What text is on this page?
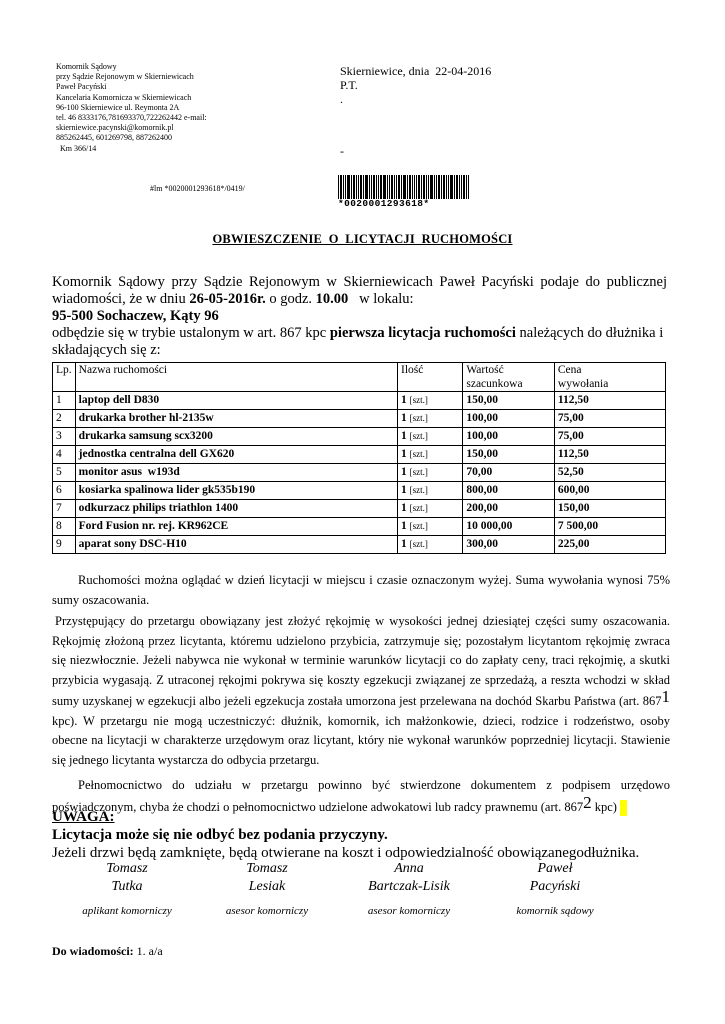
Komornik Sądowy
przy Sądzie Rejonowym w Skierniewicach
Paweł Pacyński
Kancelaria Komornicza w Skierniewicach
96-100 Skierniewice ul. Reymonta 2A
tel. 46 8333176,781693370,722262442 e-mail:
skierniewice.pacynski@komornik.pl
885262445, 601269798, 887262400
Km 366/14
Skierniewice, dnia  22-04-2016
P.T.
.
-
#lm *0020001293618*/0419/
*0020001293618*
OBWIESZCZENIE  O  LICYTACJI  RUCHOMOŚCI

Komornik Sądowy przy Sądzie Rejonowym w Skierniewicach Paweł Pacyński podaje do publicznej

wiadomości, że w dniu 26-05-2016r. o godz. 10.00   w lokalu:

95-500 Sochaczew, Kąty 96

odbędzie się w trybie ustalonym w art. 867 kpc pierwsza licytacja ruchomości należących do dłużnika i

składających się z:

Lp.	Nazwa ruchomości	Ilość	Wartość
szacunkowa	Cena
wywołania
1	laptop dell D830	1 [szt.]	150,00	112,50
2	drukarka brother hl-2135w	1 [szt.]	100,00	75,00
3	drukarka samsung scx3200	1 [szt.]	100,00	75,00
4	jednostka centralna dell GX620	1 [szt.]	150,00	112,50
5	monitor asus  w193d	1 [szt.]	70,00	52,50
6	kosiarka spalinowa lider gk535b190	1 [szt.]	800,00	600,00
7	odkurzacz philips triathlon 1400	1 [szt.]	200,00	150,00
8	Ford Fusion nr. rej. KR962CE	1 [szt.]	10 000,00	7 500,00
9	aparat sony DSC-H10	1 [szt.]	300,00	225,00
Ruchomości można oglądać w dzień licytacji w miejscu i czasie oznaczonym wyżej. Suma wywołania wynosi 75% sumy oszacowania.
Przystępujący do przetargu obowiązany jest złożyć rękojmię w wysokości jednej dziesiątej części sumy oszacowania. Rękojmię złożoną przez licytanta, któremu udzielono przybicia, zatrzymuje się; pozostałym licytantom rękojmię zwraca się niezwłocznie. Jeżeli nabywca nie wykonał w terminie warunków licytacji co do zapłaty ceny, traci rękojmię, a skutki przybicia wygasają. Z utraconej rękojmi pokrywa się koszty egzekucji związanej ze sprzedażą, a reszta wchodzi w skład sumy uzyskanej w egzekucji albo jeżeli egzekucja została umorzona jest przelewana na dochód Skarbu Państwa (art. $867^1$ kpc). W przetargu nie mogą uczestniczyć: dłużnik, komornik, ich małżonkowie, dzieci, rodzice i rodzeństwo, osoby obecne na licytacji w charakterze urzędowym oraz licytant, który nie wykonał warunków poprzedniej licytacji. Stawienie się jednego licytanta wystarcza do odbycia przetargu.
Pełnomocnictwo do udziału w przetargu powinno być stwierdzone dokumentem z podpisem urzędowo poświadczonym, chyba że chodzi o pełnomocnictwo udzielone adwokatowi lub radcy prawnemu (art. $867^2$ kpc)
UWAGA:
Licytacja może się nie odbyć bez podania przyczyny.
Jeżeli drzwi będą zamknięte, będą otwierane na koszt i odpowiedzialność obowiązanegodłużnika.
Tomasz
Tutka
aplikant komorniczy
Tomasz
Lesiak
asesor komorniczy
Anna
Bartczak-Lisik
asesor komorniczy
Paweł
Pacyński
komornik sądowy
Do wiadomości: 1. a/a
